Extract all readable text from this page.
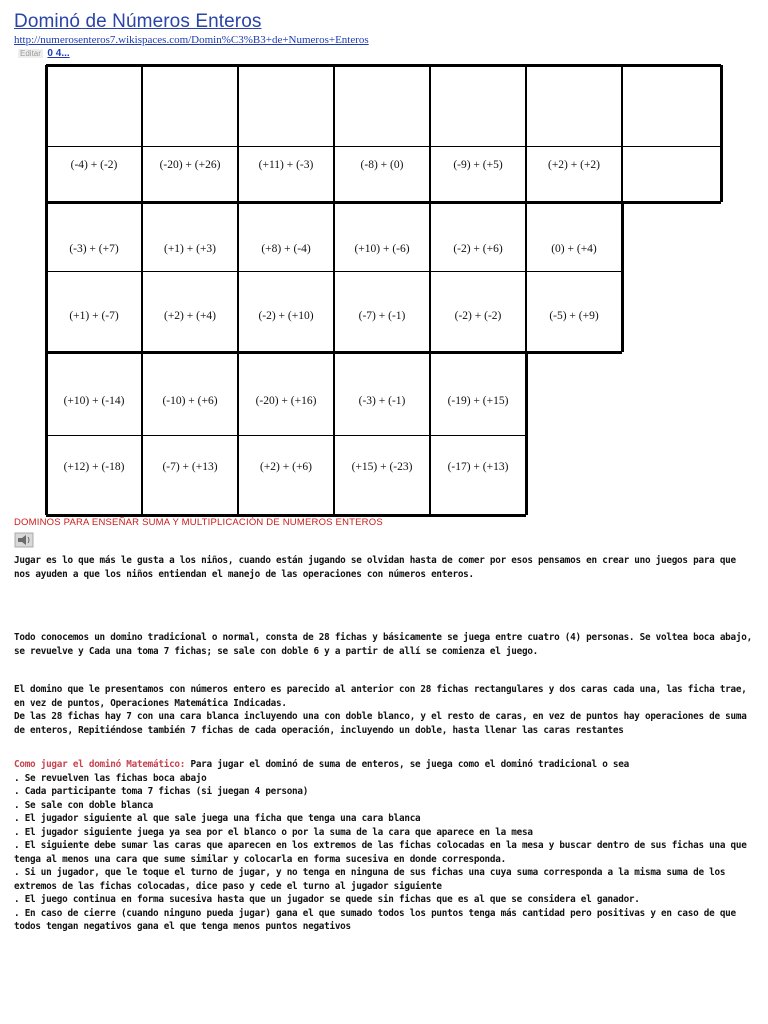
Dominó de Números Enteros
http://numerosenteros7.wikispaces.com/Domin%C3%B3+de+Numeros+Enteros
Editar 0 4...
(-4) + (-2)	(-20) + (+26)	(+11) + (-3)	(-8) + (0)	(-9) + (+5)	(+2) + (+2)
(-3) + (+7)	(+1) + (+3)	(+8) + (-4)	(+10) + (-6)	(-2) + (+6)	(0) + (+4)
(+1) + (-7)	(+2) + (+4)	(-2) + (+10)	(-7) + (-1)	(-2) + (-2)	(-5) + (+9)
(+10) + (-14)	(-10) + (+6)	(-20) + (+16)	(-3) + (-1)	(-19) + (+15)
(+12) + (-18)	(-7) + (+13)	(+2) + (+6)	(+15) + (-23)	(-17) + (+13)
DOMINOS PARA ENSEÑAR SUMA Y MULTIPLICACIÓN DE NUMEROS ENTEROS
Jugar es lo que más le gusta a los niños, cuando están jugando se olvidan hasta de comer por esos pensamos en crear uno juegos para que nos ayuden a que los niños entiendan el manejo de las operaciones con números enteros.
Todo conocemos un domino tradicional o normal, consta de 28 fichas y básicamente se juega entre cuatro (4) personas. Se voltea boca abajo, se revuelve y Cada una toma 7 fichas; se sale con doble 6 y a partir de allí se comienza el juego.
El domino que le presentamos con números entero es parecido al anterior con 28 fichas rectangulares y dos caras cada una, las ficha trae, en vez de puntos, Operaciones Matemática Indicadas.
De las 28 fichas hay 7 con una cara blanca incluyendo una con doble blanco, y el resto de caras, en vez de puntos hay operaciones de suma de enteros, Repitiéndose también 7 fichas de cada operación, incluyendo un doble, hasta llenar las caras restantes
Como jugar el dominó Matemático: Para jugar el dominó de suma de enteros, se juega como el dominó tradicional o sea
. Se revuelven las fichas boca abajo
. Cada participante toma 7 fichas (si juegan 4 persona)
. Se sale con doble blanca
. El jugador siguiente al que sale juega una ficha que tenga una cara blanca
. El jugador siguiente juega ya sea por el blanco o por la suma de la cara que aparece en la mesa
. El siguiente debe sumar las caras que aparecen en los extremos de las fichas colocadas en la mesa y buscar dentro de sus fichas una que tenga al menos una cara que sume similar y colocarla en forma sucesiva en donde corresponda.
. Si un jugador, que le toque el turno de jugar, y no tenga en ninguna de sus fichas una cuya suma corresponda a la misma suma de los extremos de las fichas colocadas, dice paso y cede el turno al jugador siguiente
. El juego continua en forma sucesiva hasta que un jugador se quede sin fichas que es al que se considera el ganador.
. En caso de cierre (cuando ninguno pueda jugar) gana el que sumado todos los puntos tenga más cantidad pero positivas y en caso de que todos tengan negativos gana el que tenga menos puntos negativos
